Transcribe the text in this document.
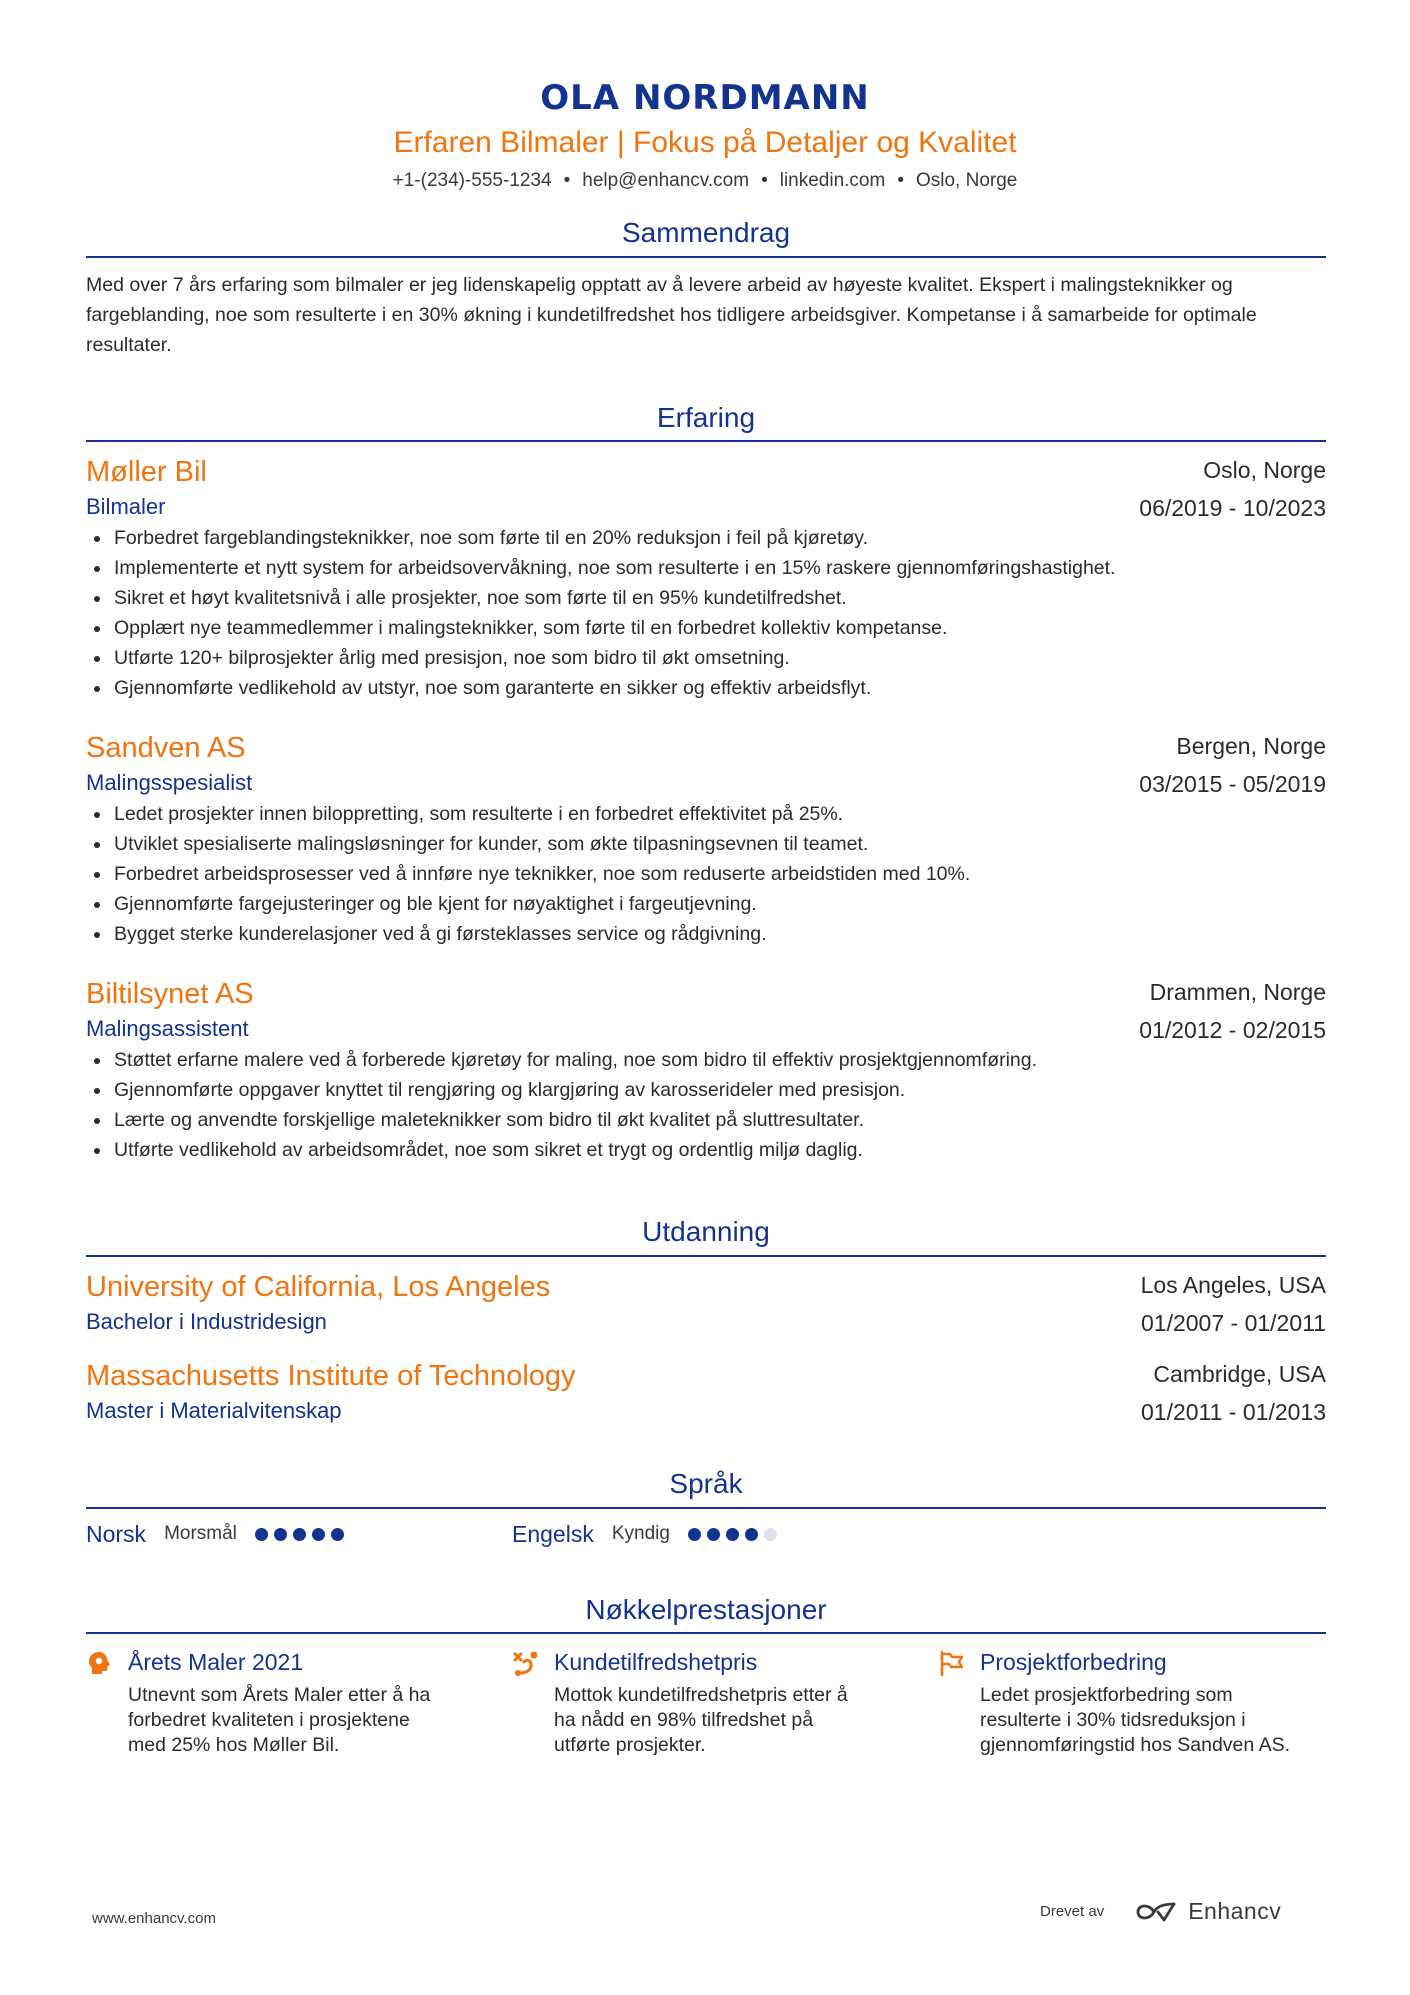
OLA NORDMANN
Erfaren Bilmaler | Fokus på Detaljer og Kvalitet
+1-(234)-555-1234 • help@enhancv.com • linkedin.com • Oslo, Norge
Sammendrag
Med over 7 års erfaring som bilmaler er jeg lidenskapelig opptatt av å levere arbeid av høyeste kvalitet. Ekspert i malingsteknikker og fargeblanding, noe som resulterte i en 30% økning i kundetilfredshet hos tidligere arbeidsgiver. Kompetanse i å samarbeide for optimale resultater.
Erfaring
Møller Bil	Oslo, Norge
Bilmaler	06/2019 - 10/2023
Forbedret fargeblandingsteknikker, noe som førte til en 20% reduksjon i feil på kjøretøy.
Implementerte et nytt system for arbeidsovervåkning, noe som resulterte i en 15% raskere gjennomføringshastighet.
Sikret et høyt kvalitetsnivå i alle prosjekter, noe som førte til en 95% kundetilfredshet.
Opplært nye teammedlemmer i malingsteknikker, som førte til en forbedret kollektiv kompetanse.
Utførte 120+ bilprosjekter årlig med presisjon, noe som bidro til økt omsetning.
Gjennomførte vedlikehold av utstyr, noe som garanterte en sikker og effektiv arbeidsflyt.
Sandven AS	Bergen, Norge
Malingsspesialist	03/2015 - 05/2019
Ledet prosjekter innen biloppretting, som resulterte i en forbedret effektivitet på 25%.
Utviklet spesialiserte malingsløsninger for kunder, som økte tilpasningsevnen til teamet.
Forbedret arbeidsprosesser ved å innføre nye teknikker, noe som reduserte arbeidstiden med 10%.
Gjennomførte fargejusteringer og ble kjent for nøyaktighet i fargeutjevning.
Bygget sterke kunderelasjoner ved å gi førsteklasses service og rådgivning.
Biltilsynet AS	Drammen, Norge
Malingsassistent	01/2012 - 02/2015
Støttet erfarne malere ved å forberede kjøretøy for maling, noe som bidro til effektiv prosjektgjennomføring.
Gjennomførte oppgaver knyttet til rengjøring og klargjøring av karosserideler med presisjon.
Lærte og anvendte forskjellige maleteknikker som bidro til økt kvalitet på sluttresultater.
Utførte vedlikehold av arbeidsområdet, noe som sikret et trygt og ordentlig miljø daglig.
Utdanning
University of California, Los Angeles	Los Angeles, USA
Bachelor i Industridesign	01/2007 - 01/2011
Massachusetts Institute of Technology	Cambridge, USA
Master i Materialvitenskap	01/2011 - 01/2013
Språk
Norsk Morsmål	Engelsk Kyndig
Nøkkelprestasjoner
Årets Maler 2021
Utnevnt som Årets Maler etter å ha forbedret kvaliteten i prosjektene med 25% hos Møller Bil.
Kundetilfredshetpris
Mottok kundetilfredshetpris etter å ha nådd en 98% tilfredshet på utførte prosjekter.
Prosjektforbedring
Ledet prosjektforbedring som resulterte i 30% tidsreduksjon i gjennomføringstid hos Sandven AS.
www.enhancv.com	Drevet av	Enhancv
